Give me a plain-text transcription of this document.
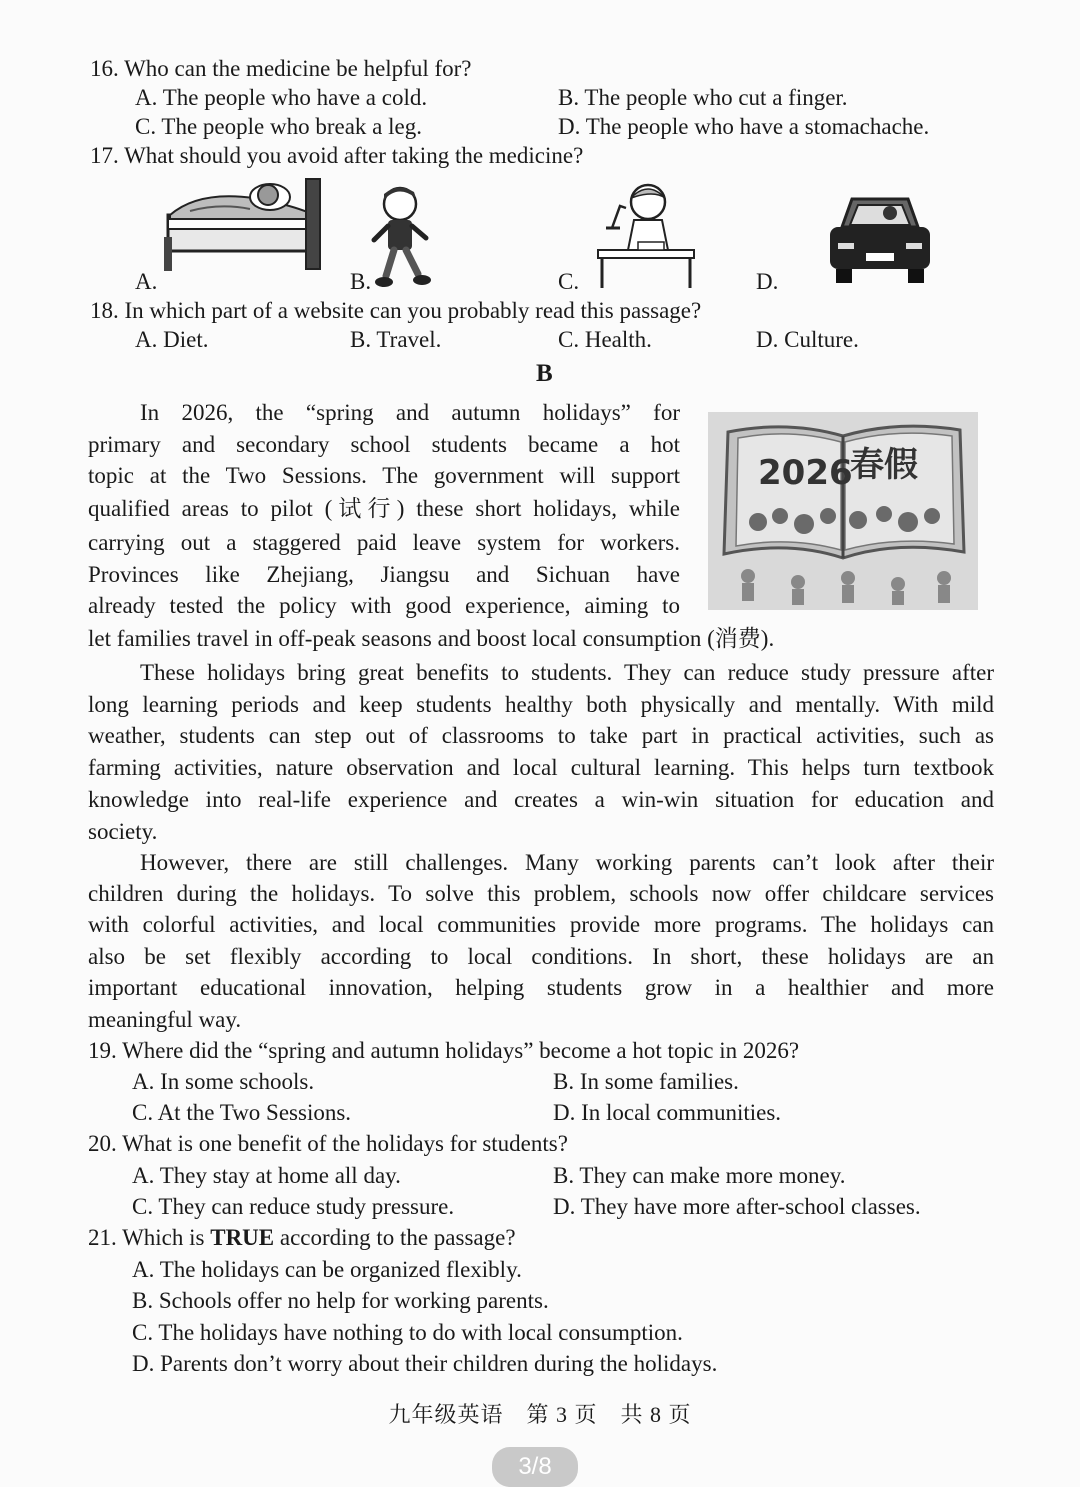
16. Who can the medicine be helpful for?
A. The people who have a cold.	B. The people who cut a finger.
C. The people who break a leg.	D. The people who have a stomachache.
17. What should you avoid after taking the medicine?
A.	B.	C.	D.
18. In which part of a website can you probably read this passage?
A. Diet.	B. Travel.	C. Health.	D. Culture.
B
2026
春假
In 2026, the “spring and autumn holidays” for
primary and secondary school students became a hot
topic at the Two Sessions. The government will support
qualified areas to pilot (试行) these short holidays, while
carrying out a staggered paid leave system for workers.
Provinces like Zhejiang, Jiangsu and Sichuan have
already tested the policy with good experience, aiming to
let families travel in off-peak seasons and boost local consumption (消费).
These holidays bring great benefits to students. They can reduce study pressure after
long learning periods and keep students healthy both physically and mentally. With mild
weather, students can step out of classrooms to take part in practical activities, such as
farming activities, nature observation and local cultural learning. This helps turn textbook
knowledge into real-life experience and creates a win-win situation for education and
society.
However, there are still challenges. Many working parents can’t look after their
children during the holidays. To solve this problem, schools now offer childcare services
with colorful activities, and local communities provide more programs. The holidays can
also be set flexibly according to local conditions. In short, these holidays are an
important educational innovation, helping students grow in a healthier and more
meaningful way.
19. Where did the “spring and autumn holidays” become a hot topic in 2026?
A. In some schools.	B. In some families.
C. At the Two Sessions.	D. In local communities.
20. What is one benefit of the holidays for students?
A. They stay at home all day.	B. They can make more money.
C. They can reduce study pressure.	D. They have more after-school classes.
21. Which is TRUE according to the passage?
A. The holidays can be organized flexibly.
B. Schools offer no help for working parents.
C. The holidays have nothing to do with local consumption.
D. Parents don’t worry about their children during the holidays.
九年级英语　第 3 页　共 8 页
3/8
